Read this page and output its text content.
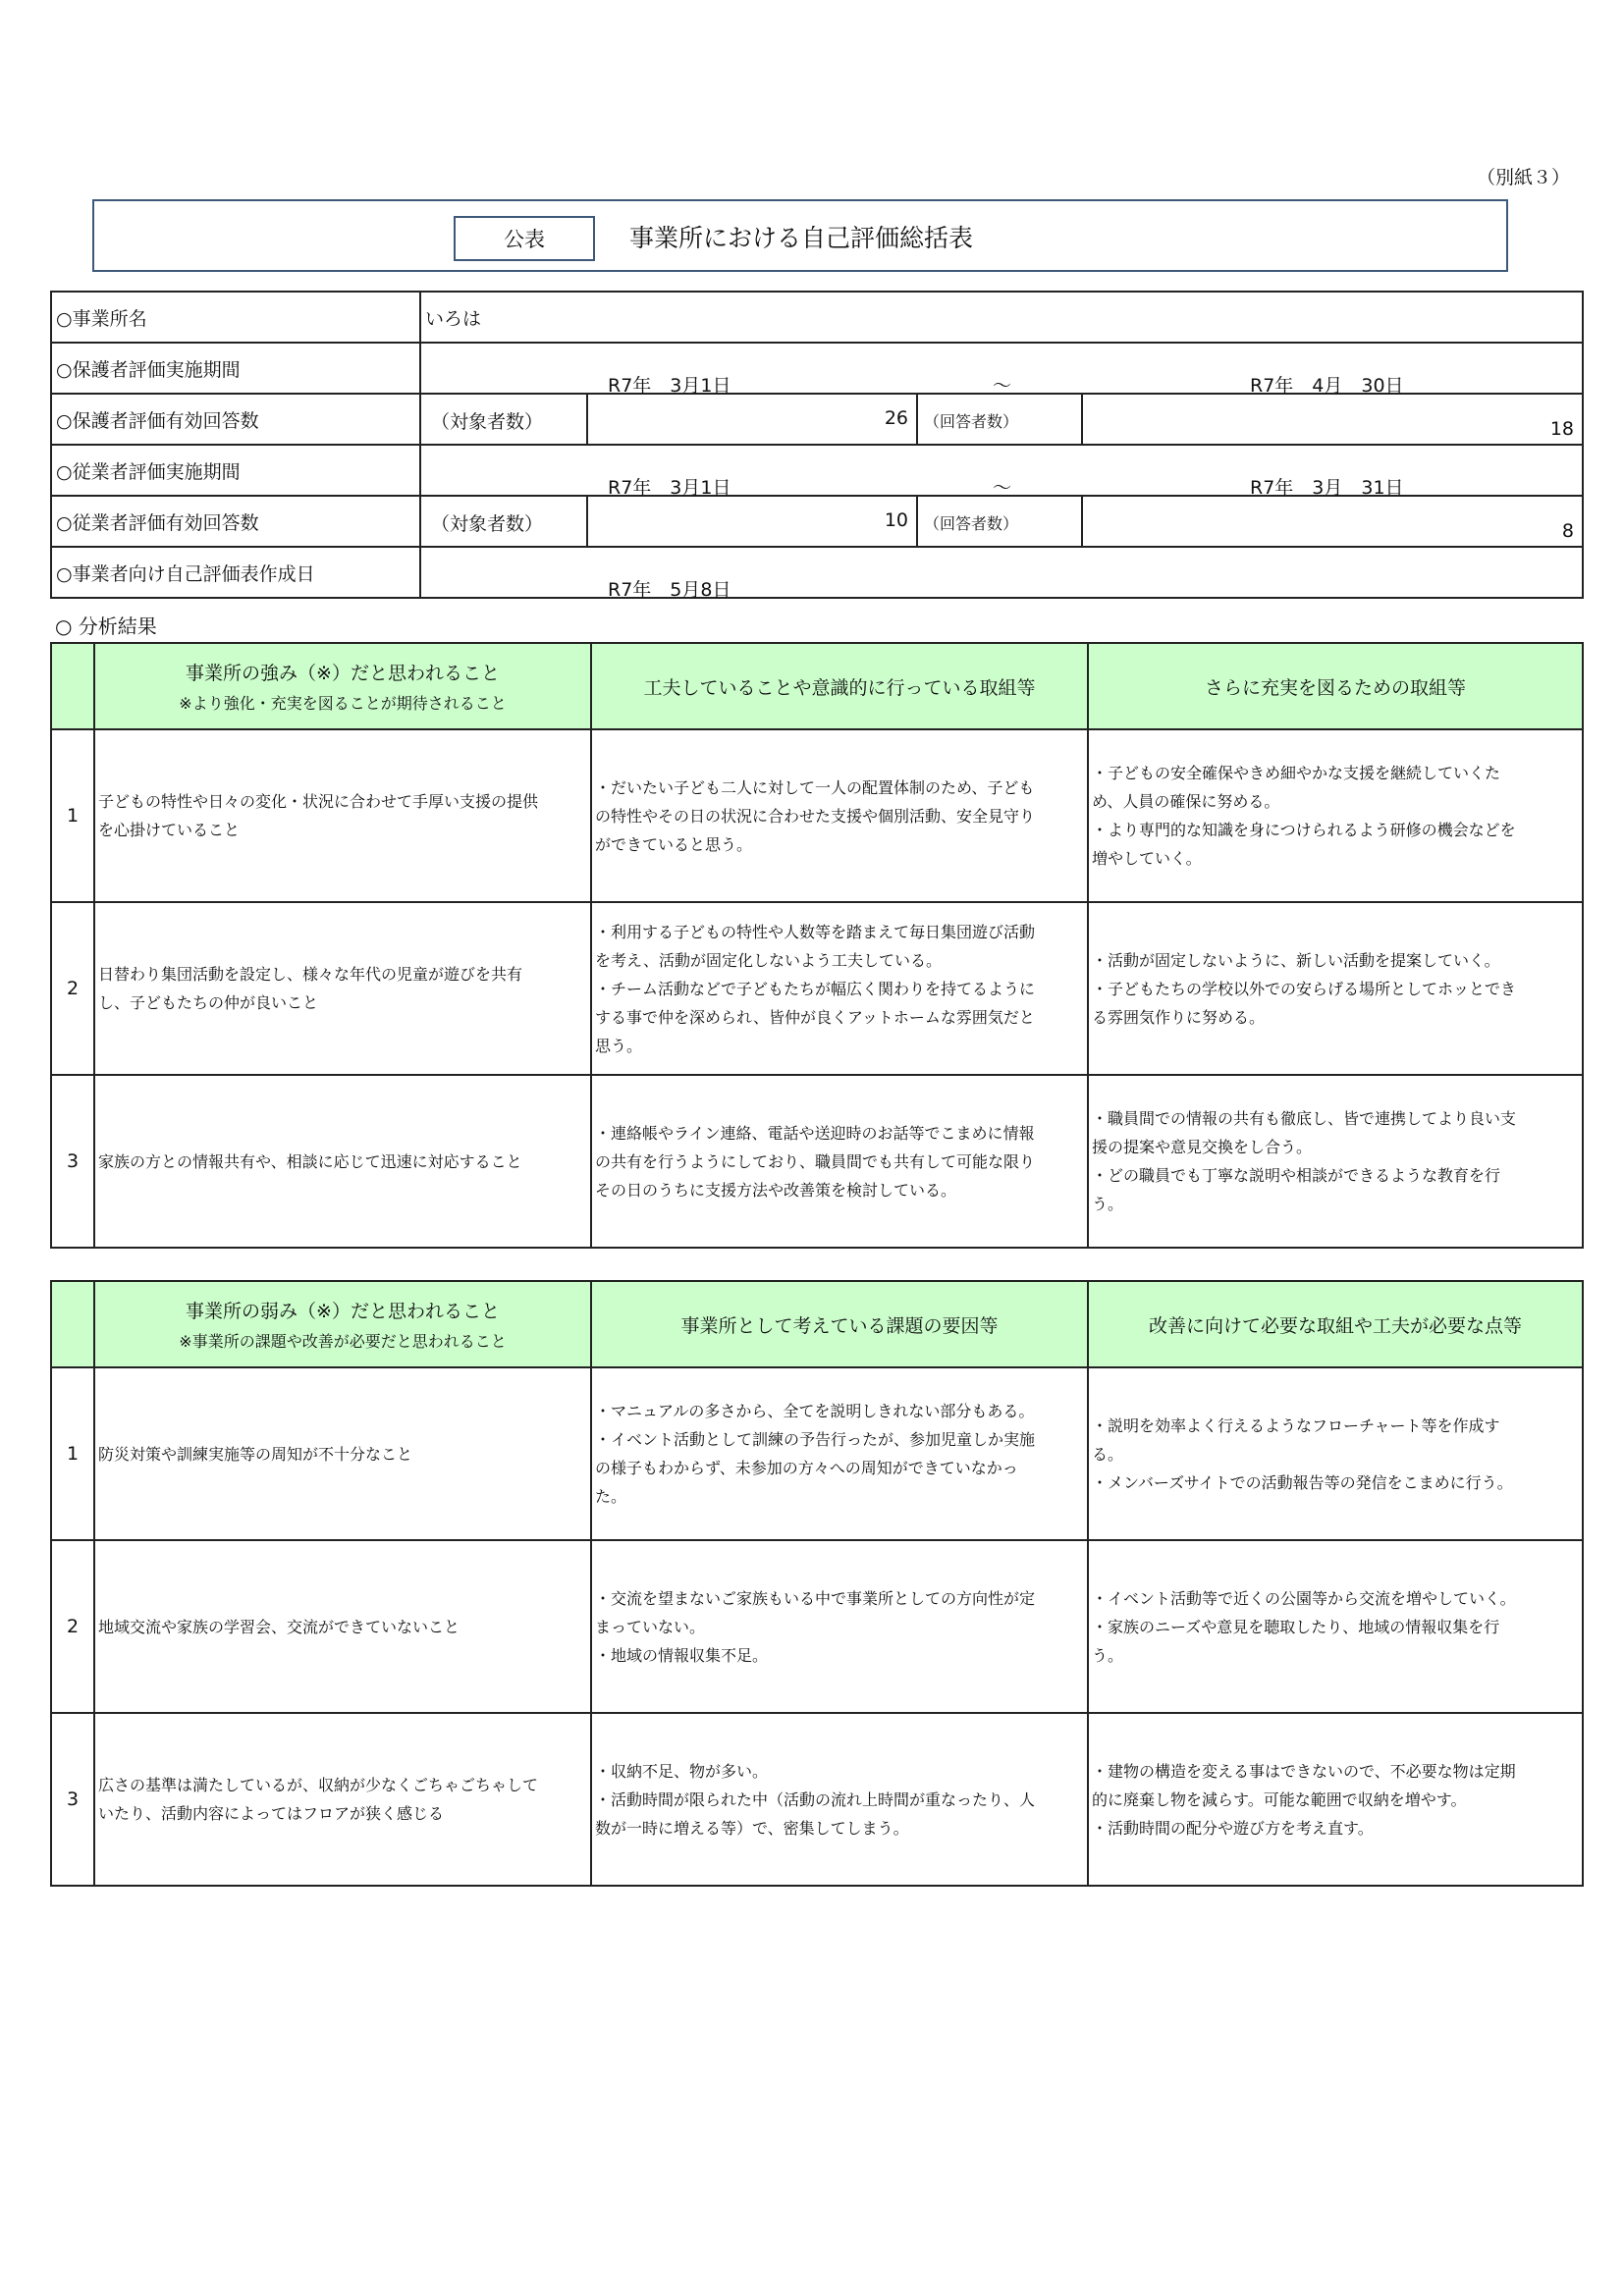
（別紙３）
公表	事業所における自己評価総括表
○事業所名	いろは			
○保護者評価実施期間	R7年　3月1日 ～ R7年　4月　30日			

○保護者評価有効回答数	（対象者数）	26	（回答者数）	18

○従業者評価実施期間	R7年　3月1日 ～ R7年　3月　31日			

○従業者評価有効回答数	（対象者数）	10	（回答者数）	8

○事業者向け自己評価表作成日	R7年　5月8日			
○ 分析結果

	事業所の強み（※）だと思われること
※より強化・充実を図ることが期待されること	工夫していることや意識的に行っている取組等	さらに充実を図るための取組等
1	子どもの特性や日々の変化・状況に合わせて手厚い支援の提供
を心掛けていること	・だいたい子ども二人に対して一人の配置体制のため、子ども
の特性やその日の状況に合わせた支援や個別活動、安全見守り
ができていると思う。	・子どもの安全確保やきめ細やかな支援を継続していくた
め、人員の確保に努める。
・より専門的な知識を身につけられるよう研修の機会などを
増やしていく。

2	日替わり集団活動を設定し、様々な年代の児童が遊びを共有
し、子どもたちの仲が良いこと	・利用する子どもの特性や人数等を踏まえて毎日集団遊び活動
を考え、活動が固定化しないよう工夫している。
・チーム活動などで子どもたちが幅広く関わりを持てるように
する事で仲を深められ、皆仲が良くアットホームな雰囲気だと
思う。	・活動が固定しないように、新しい活動を提案していく。
・子どもたちの学校以外での安らげる場所としてホッとでき
る雰囲気作りに努める。

3	家族の方との情報共有や、相談に応じて迅速に対応すること	・連絡帳やライン連絡、電話や送迎時のお話等でこまめに情報
の共有を行うようにしており、職員間でも共有して可能な限り
その日のうちに支援方法や改善策を検討している。	・職員間での情報の共有も徹底し、皆で連携してより良い支
援の提案や意見交換をし合う。
・どの職員でも丁寧な説明や相談ができるような教育を行
う。

	事業所の弱み（※）だと思われること
※事業所の課題や改善が必要だと思われること	事業所として考えている課題の要因等	改善に向けて必要な取組や工夫が必要な点等
1	防災対策や訓練実施等の周知が不十分なこと	・マニュアルの多さから、全てを説明しきれない部分もある。
・イベント活動として訓練の予告行ったが、参加児童しか実施
の様子もわからず、未参加の方々への周知ができていなかっ
た。	・説明を効率よく行えるようなフローチャート等を作成す
る。
・メンバーズサイトでの活動報告等の発信をこまめに行う。

2	地域交流や家族の学習会、交流ができていないこと	・交流を望まないご家族もいる中で事業所としての方向性が定
まっていない。
・地域の情報収集不足。	・イベント活動等で近くの公園等から交流を増やしていく。
・家族のニーズや意見を聴取したり、地域の情報収集を行
う。

3	広さの基準は満たしているが、収納が少なくごちゃごちゃして
いたり、活動内容によってはフロアが狭く感じる	・収納不足、物が多い。
・活動時間が限られた中（活動の流れ上時間が重なったり、人
数が一時に増える等）で、密集してしまう。	・建物の構造を変える事はできないので、不必要な物は定期
的に廃棄し物を減らす。可能な範囲で収納を増やす。
・活動時間の配分や遊び方を考え直す。
